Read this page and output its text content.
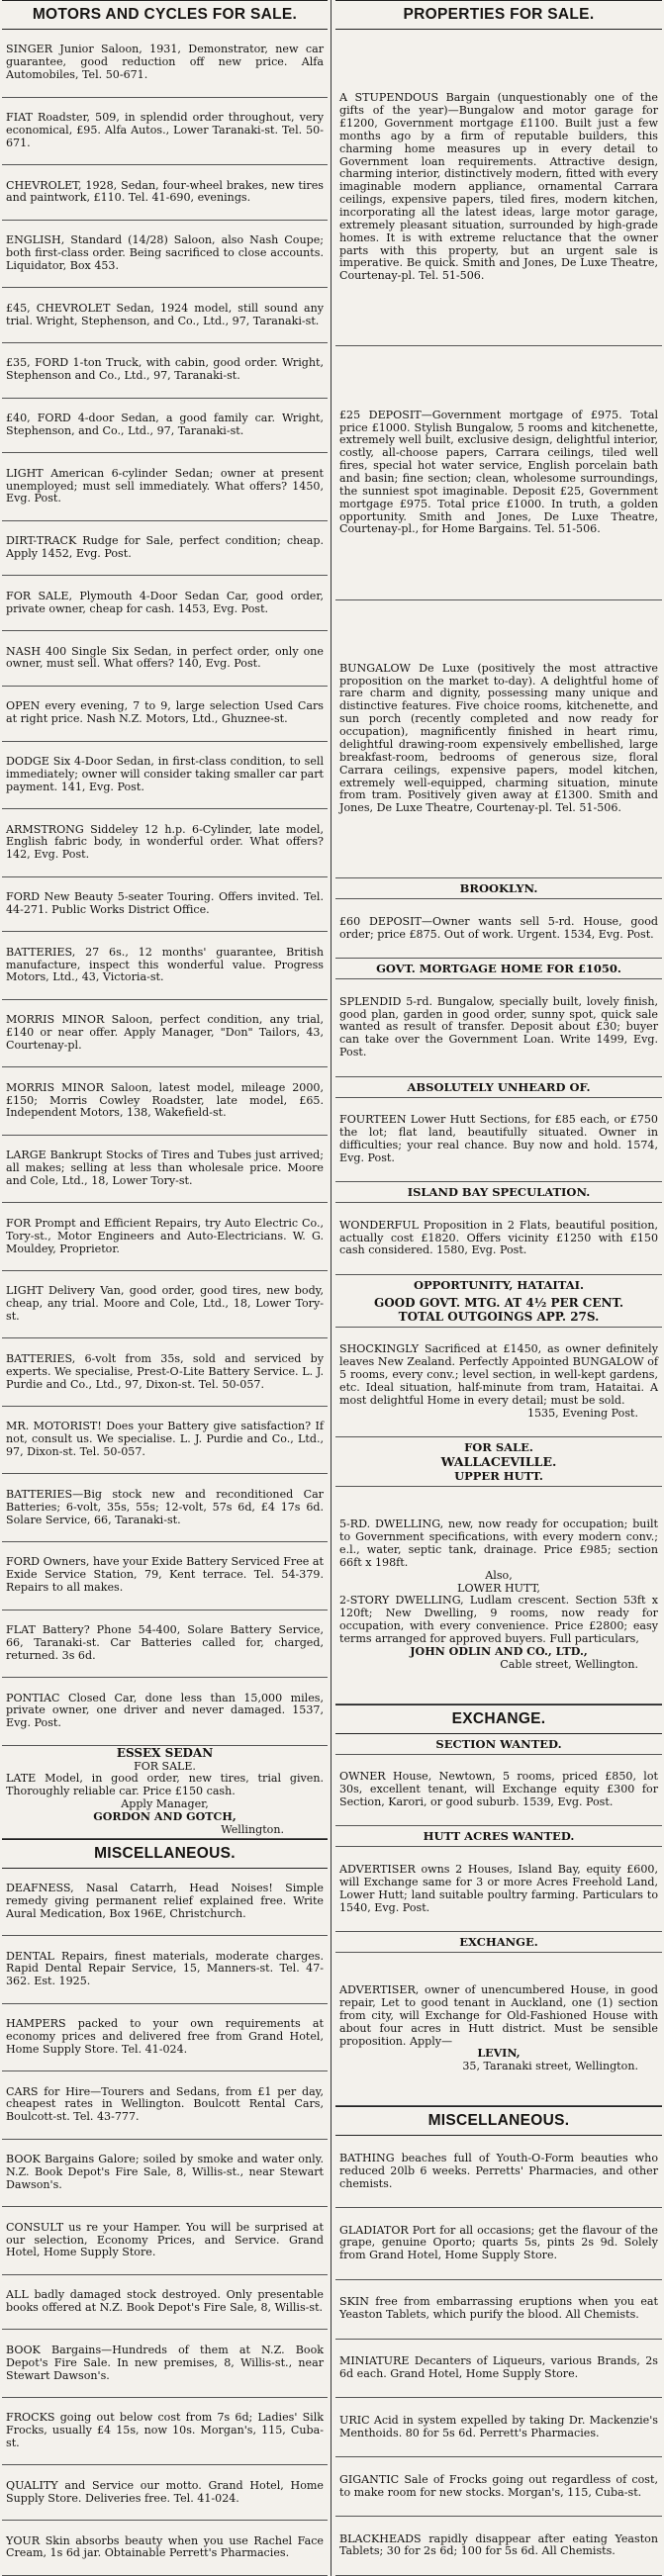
MOTORS AND CYCLES FOR SALE.

SINGER Junior Saloon, 1931, Demonstrator, new car guarantee, good reduction off new price. Alfa Automobiles, Tel. 50-671.

FIAT Roadster, 509, in splendid order throughout, very economical, £95. Alfa Autos., Lower Taranaki-st. Tel. 50-671.

CHEVROLET, 1928, Sedan, four-wheel brakes, new tires and paintwork, £110. Tel. 41-690, evenings.

ENGLISH, Standard (14/28) Saloon, also Nash Coupe; both first-class order. Being sacrificed to close accounts. Liquidator, Box 453.

£45, CHEVROLET Sedan, 1924 model, still sound any trial. Wright, Stephenson, and Co., Ltd., 97, Taranaki-st.

£35, FORD 1-ton Truck, with cabin, good order. Wright, Stephenson and Co., Ltd., 97, Taranaki-st.

£40, FORD 4-door Sedan, a good family car. Wright, Stephenson, and Co., Ltd., 97, Taranaki-st.

LIGHT American 6-cylinder Sedan; owner at present unemployed; must sell immediately. What offers? 1450, Evg. Post.

DIRT-TRACK Rudge for Sale, perfect condition; cheap. Apply 1452, Evg. Post.

FOR SALE, Plymouth 4-Door Sedan Car, good order, private owner, cheap for cash. 1453, Evg. Post.

NASH 400 Single Six Sedan, in perfect order, only one owner, must sell. What offers? 140, Evg. Post.

OPEN every evening, 7 to 9, large selection Used Cars at right price. Nash N.Z. Motors, Ltd., Ghuznee-st.

DODGE Six 4-Door Sedan, in first-class condition, to sell immediately; owner will consider taking smaller car part payment. 141, Evg. Post.

ARMSTRONG Siddeley 12 h.p. 6-Cylinder, late model, English fabric body, in wonderful order. What offers? 142, Evg. Post.

FORD New Beauty 5-seater Touring. Offers invited. Tel. 44-271. Public Works District Office.

BATTERIES, 27 6s., 12 months' guarantee, British manufacture, inspect this wonderful value. Progress Motors, Ltd., 43, Victoria-st.

MORRIS MINOR Saloon, perfect condition, any trial, £140 or near offer. Apply Manager, "Don" Tailors, 43, Courtenay-pl.

MORRIS MINOR Saloon, latest model, mileage 2000, £150; Morris Cowley Roadster, late model, £65. Independent Motors, 138, Wakefield-st.

LARGE Bankrupt Stocks of Tires and Tubes just arrived; all makes; selling at less than wholesale price. Moore and Cole, Ltd., 18, Lower Tory-st.

FOR Prompt and Efficient Repairs, try Auto Electric Co., Tory-st., Motor Engineers and Auto-Electricians. W. G. Mouldey, Proprietor.

LIGHT Delivery Van, good order, good tires, new body, cheap, any trial. Moore and Cole, Ltd., 18, Lower Tory-st.

BATTERIES, 6-volt from 35s, sold and serviced by experts. We specialise, Prest-O-Lite Battery Service. L. J. Purdie and Co., Ltd., 97, Dixon-st. Tel. 50-057.

MR. MOTORIST! Does your Battery give satisfaction? If not, consult us. We specialise. L. J. Purdie and Co., Ltd., 97, Dixon-st. Tel. 50-057.

BATTERIES—Big stock new and reconditioned Car Batteries; 6-volt, 35s, 55s; 12-volt, 57s 6d, £4 17s 6d. Solare Service, 66, Taranaki-st.

FORD Owners, have your Exide Battery Serviced Free at Exide Service Station, 79, Kent terrace. Tel. 54-379. Repairs to all makes.

FLAT Battery? Phone 54-400, Solare Battery Service, 66, Taranaki-st. Car Batteries called for, charged, returned. 3s 6d.

PONTIAC Closed Car, done less than 15,000 miles, private owner, one driver and never damaged. 1537, Evg. Post.

ESSEX SEDAN

FOR SALE.

LATE Model, in good order, new tires, trial given. Thoroughly reliable car. Price £150 cash.

Apply Manager,

GORDON AND GOTCH,

Wellington.

MISCELLANEOUS.

DEAFNESS, Nasal Catarrh, Head Noises! Simple remedy giving permanent relief explained free. Write Aural Medication, Box 196E, Christchurch.

DENTAL Repairs, finest materials, moderate charges. Rapid Dental Repair Service, 15, Manners-st. Tel. 47-362. Est. 1925.

HAMPERS packed to your own requirements at economy prices and delivered free from Grand Hotel, Home Supply Store. Tel. 41-024.

CARS for Hire—Tourers and Sedans, from £1 per day, cheapest rates in Wellington. Boulcott Rental Cars, Boulcott-st. Tel. 43-777.

BOOK Bargains Galore; soiled by smoke and water only. N.Z. Book Depot's Fire Sale, 8, Willis-st., near Stewart Dawson's.

CONSULT us re your Hamper. You will be surprised at our selection, Economy Prices, and Service. Grand Hotel, Home Supply Store.

ALL badly damaged stock destroyed. Only presentable books offered at N.Z. Book Depot's Fire Sale, 8, Willis-st.

BOOK Bargains—Hundreds of them at N.Z. Book Depot's Fire Sale. In new premises, 8, Willis-st., near Stewart Dawson's.

FROCKS going out below cost from 7s 6d; Ladies' Silk Frocks, usually £4 15s, now 10s. Morgan's, 115, Cuba-st.

QUALITY and Service our motto. Grand Hotel, Home Supply Store. Deliveries free. Tel. 41-024.

YOUR Skin absorbs beauty when you use Rachel Face Cream, 1s 6d jar. Obtainable Perrett's Pharmacies.

PROPERTIES FOR SALE.

A STUPENDOUS Bargain (unquestionably one of the gifts of the year)—Bungalow and motor garage for £1200, Government mortgage £1100. Built just a few months ago by a firm of reputable builders, this charming home measures up in every detail to Government loan requirements. Attractive design, charming interior, distinctively modern, fitted with every imaginable modern appliance, ornamental Carrara ceilings, expensive papers, tiled fires, modern kitchen, incorporating all the latest ideas, large motor garage, extremely pleasant situation, surrounded by high-grade homes. It is with extreme reluctance that the owner parts with this property, but an urgent sale is imperative. Be quick. Smith and Jones, De Luxe Theatre, Courtenay-pl. Tel. 51-506.

£25 DEPOSIT—Government mortgage of £975. Total price £1000. Stylish Bungalow, 5 rooms and kitchenette, extremely well built, exclusive design, delightful interior, costly, all-choose papers, Carrara ceilings, tiled well fires, special hot water service, English porcelain bath and basin; fine section; clean, wholesome surroundings, the sunniest spot imaginable. Deposit £25, Government mortgage £975. Total price £1000. In truth, a golden opportunity. Smith and Jones, De Luxe Theatre, Courtenay-pl., for Home Bargains. Tel. 51-506.

BUNGALOW De Luxe (positively the most attractive proposition on the market to-day). A delightful home of rare charm and dignity, possessing many unique and distinctive features. Five choice rooms, kitchenette, and sun porch (recently completed and now ready for occupation), magnificently finished in heart rimu, delightful drawing-room expensively embellished, large breakfast-room, bedrooms of generous size, floral Carrara ceilings, expensive papers, model kitchen, extremely well-equipped, charming situation, minute from tram. Positively given away at £1300. Smith and Jones, De Luxe Theatre, Courtenay-pl. Tel. 51-506.

BROOKLYN.

£60 DEPOSIT—Owner wants sell 5-rd. House, good order; price £875. Out of work. Urgent. 1534, Evg. Post.

GOVT. MORTGAGE HOME FOR £1050.

SPLENDID 5-rd. Bungalow, specially built, lovely finish, good plan, garden in good order, sunny spot, quick sale wanted as result of transfer. Deposit about £30; buyer can take over the Government Loan. Write 1499, Evg. Post.

ABSOLUTELY UNHEARD OF.

FOURTEEN Lower Hutt Sections, for £85 each, or £750 the lot; flat land, beautifully situated. Owner in difficulties; your real chance. Buy now and hold. 1574, Evg. Post.

ISLAND BAY SPECULATION.

WONDERFUL Proposition in 2 Flats, beautiful position, actually cost £1820. Offers vicinity £1250 with £150 cash considered. 1580, Evg. Post.

OPPORTUNITY, HATAITAI.
GOOD GOVT. MTG. AT 4½ PER CENT.
TOTAL OUTGOINGS APP. 27S.

SHOCKINGLY Sacrificed at £1450, as owner definitely leaves New Zealand. Perfectly Appointed BUNGALOW of 5 rooms, every conv.; level section, in well-kept gardens, etc. Ideal situation, half-minute from tram, Hataitai. A most delightful Home in every detail; must be sold.

1535, Evening Post.

FOR SALE.
WALLACEVILLE.
UPPER HUTT.

5-RD. DWELLING, new, now ready for occupation; built to Government specifications, with every modern conv.; e.l., water, septic tank, drainage. Price £985; section 66ft x 198ft.

Also,

LOWER HUTT,

2-STORY DWELLING, Ludlam crescent. Section 53ft x 120ft; New Dwelling, 9 rooms, now ready for occupation, with every convenience. Price £2800; easy terms arranged for approved buyers. Full particulars,

JOHN ODLIN AND CO., LTD.,

Cable street, Wellington.

EXCHANGE.
SECTION WANTED.

OWNER House, Newtown, 5 rooms, priced £850, lot 30s, excellent tenant, will Exchange equity £300 for Section, Karori, or good suburb. 1539, Evg. Post.

HUTT ACRES WANTED.

ADVERTISER owns 2 Houses, Island Bay, equity £600, will Exchange same for 3 or more Acres Freehold Land, Lower Hutt; land suitable poultry farming. Particulars to 1540, Evg. Post.

EXCHANGE.

ADVERTISER, owner of unencumbered House, in good repair, Let to good tenant in Auckland, one (1) section from city, will Exchange for Old-Fashioned House with about four acres in Hutt district. Must be sensible proposition. Apply—

LEVIN,

35, Taranaki street, Wellington.

MISCELLANEOUS.

BATHING beaches full of Youth-O-Form beauties who reduced 20lb 6 weeks. Perretts' Pharmacies, and other chemists.

GLADIATOR Port for all occasions; get the flavour of the grape, genuine Oporto; quarts 5s, pints 2s 9d. Solely from Grand Hotel, Home Supply Store.

SKIN free from embarrassing eruptions when you eat Yeaston Tablets, which purify the blood. All Chemists.

MINIATURE Decanters of Liqueurs, various Brands, 2s 6d each. Grand Hotel, Home Supply Store.

URIC Acid in system expelled by taking Dr. Mackenzie's Menthoids. 80 for 5s 6d. Perrett's Pharmacies.

GIGANTIC Sale of Frocks going out regardless of cost, to make room for new stocks. Morgan's, 115, Cuba-st.

BLACKHEADS rapidly disappear after eating Yeaston Tablets; 30 for 2s 6d; 100 for 5s 6d. All Chemists.
